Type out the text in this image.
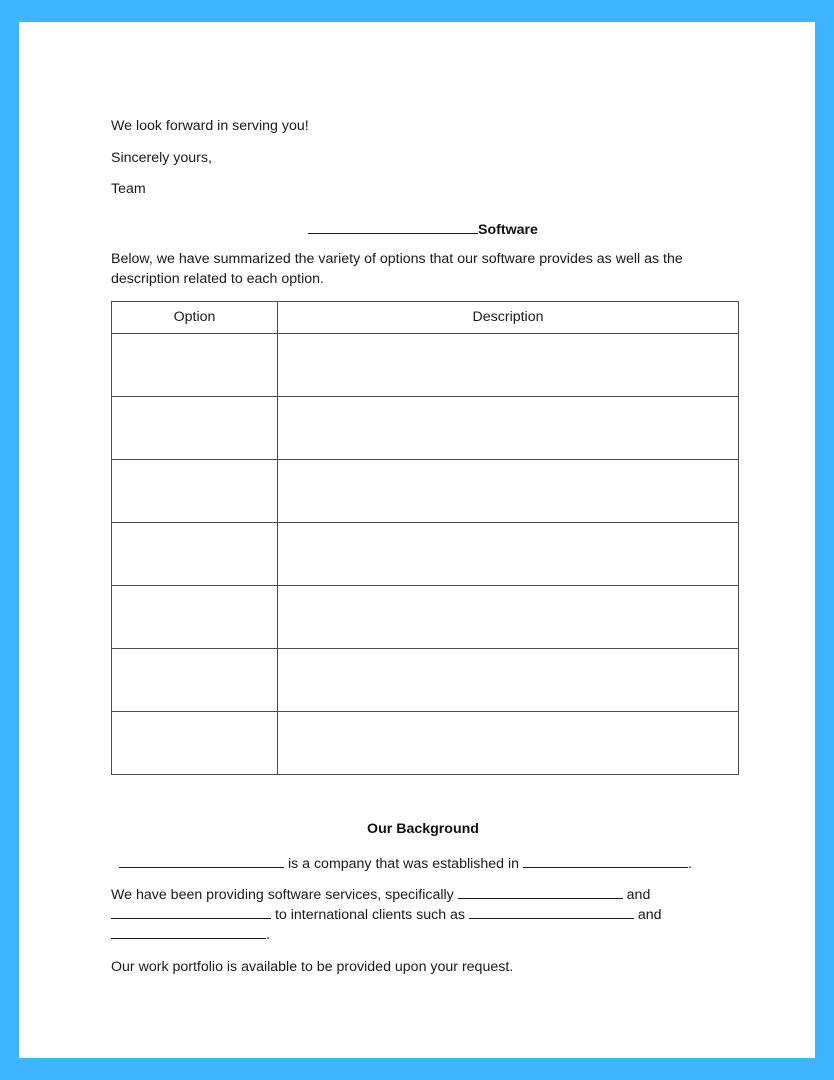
We look forward in serving you!

Sincerely yours,

Team

Software

Below, we have summarized the variety of options that our software provides as well as the description related to each option.

Option	Description

Our Background

is a company that was established in	.

We have been providing software services, specifically	and  to international clients such as	and .

Our work portfolio is available to be provided upon your request.
